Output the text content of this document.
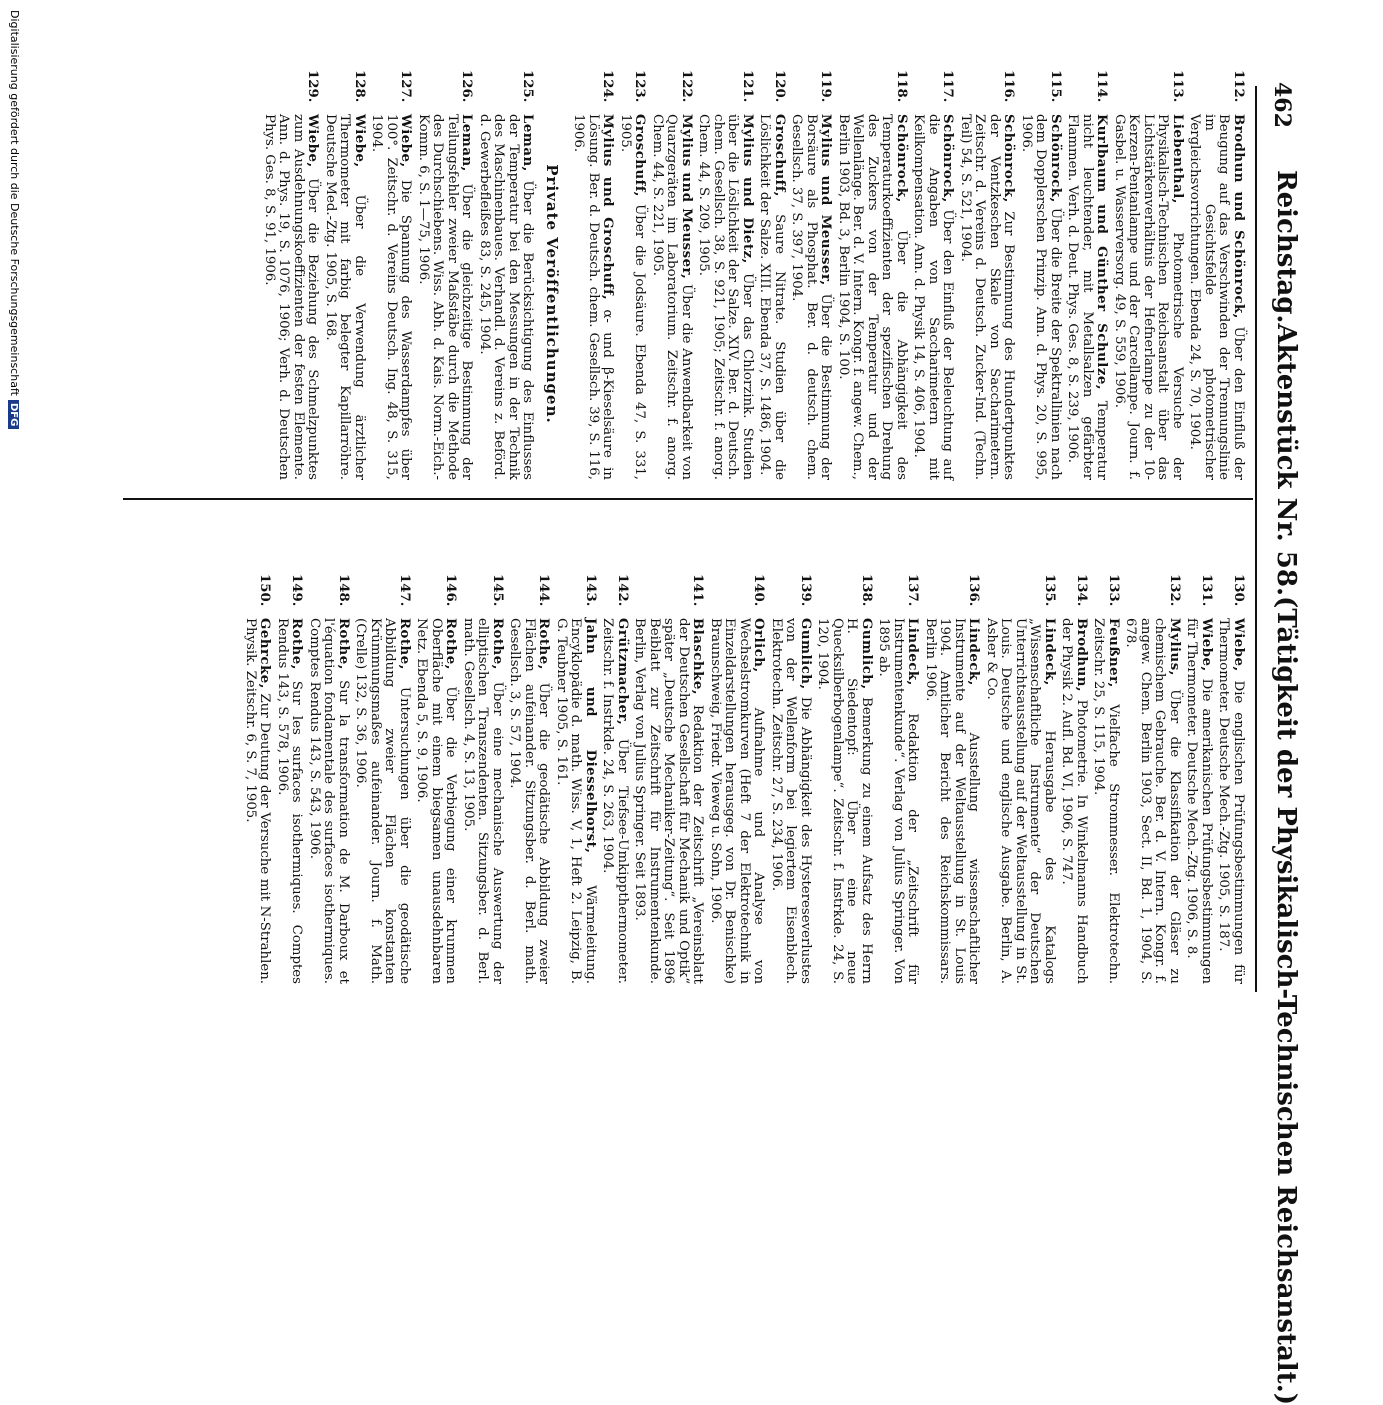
462
Reichstag.
Aktenstück Nr. 58.
(Tätigkeit der Physikalisch-Technischen Reichsanstalt.)
112.
Brodhun und Schönrock, Über den Einfluß der Beugung auf das Verschwinden der Trennungslinie im Gesichtsfelde photometrischer Vergleichsvorrichtungen. Ebenda 24, S. 70, 1904.
113.
Liebenthal, Photometrische Versuche der Physikalisch-Technischen Reichsanstalt über das Lichtstärkenverhältnis der Hefnerlampe zu der 10-Kerzen-Pentanlampe und der Carcellampe. Journ. f. Gasbel. u. Wasserversorg. 49, S. 559, 1906.
114.
Kurlbaum und Günther Schulze, Temperatur nicht leuchtender, mit Metallsalzen gefärbter Flammen. Verh. d. Deut. Phys. Ges. 8, S. 239, 1906.
115.
Schönrock, Über die Breite der Spektrallinien nach dem Dopplerschen Prinzip. Ann. d. Phys. 20, S. 995, 1906.
116.
Schönrock, Zur Bestimmung des Hundertpunktes der Ventzkeschen Skale von Saccharimetern. Zeitschr. d. Vereins d. Deutsch. Zucker-Ind. (Techn. Teil) 54, S. 521, 1904.
117.
Schönrock, Über den Einfluß der Beleuchtung auf die Angaben von Saccharimetern mit Keilkompensation. Ann. d. Physik 14, S. 406, 1904.
118.
Schönrock, Über die Abhängigkeit des Temperaturkoeffizienten der spezifischen Drehung des Zuckers von der Temperatur und der Wellenlänge. Ber. d. V. Intern. Kongr. f. angew. Chem., Berlin 1903, Bd. 3, Berlin 1904, S. 100.
119.
Mylius und Meusser, Über die Bestimmung der Borsäure als Phosphat. Ber. d. deutsch. chem. Gesellsch. 37, S. 397, 1904.
120.
Groschuff, Saure Nitrate. Studien über die Löslichkeit der Salze. XIII. Ebenda 37, S. 1486, 1904.
121.
Mylius und Dietz, Über das Chlorzink. Studien über die Löslichkeit der Salze. XIV. Ber. d. Deutsch. chem. Gesellsch. 38, S. 921, 1905; Zeitschr. f. anorg. Chem. 44, S. 209, 1905.
122.
Mylius und Meusser, Über die Anwendbarkeit von Quarzgeräten im Laboratorium. Zeitschr. f. anorg. Chem. 44, S. 221, 1905.
123.
Groschuff, Über die Jodsäure. Ebenda 47, S. 331, 1905.
124.
Mylius und Groschuff, α- und β-Kieselsäure in Lösung. Ber. d. Deutsch. chem. Gesellsch. 39, S. 116, 1906.
Private Veröffentlichungen.
125.
Leman, Über die Berücksichtigung des Einflusses der Temperatur bei den Messungen in der Technik des Maschinenbaues. Verhandl. d. Vereins z. Beförd. d. Gewerbefleißes 83, S. 245, 1904.
126.
Leman, Über die gleichzeitige Bestimmung der Teilungsfehler zweier Maßstäbe durch die Methode des Durchschiebens. Wiss. Abh. d. Kais. Norm.-Eich.-Komm. 6, S. 1—75, 1906.
127.
Wiebe, Die Spannung des Wasserdampfes über 100°. Zeitschr. d. Vereins Deutsch. Ing. 48, S. 315, 1904.
128.
Wiebe, Über die Verwendung ärztlicher Thermometer mit farbig belegter Kapillarröhre. Deutsche Med.-Ztg. 1905, S. 168.
129.
Wiebe, Über die Beziehung des Schmelzpunktes zum Ausdehnungskoeffizienten der festen Elemente. Ann. d. Phys. 19, S. 1076, 1906; Verh. d. Deutschen Phys. Ges. 8, S. 91, 1906.
130.
Wiebe, Die englischen Prüfungsbestimmungen für Thermometer. Deutsche Mech.-Ztg. 1905, S. 187.
131.
Wiebe, Die amerikanischen Prüfungsbestimmungen für Thermometer. Deutsche Mech.-Ztg. 1906, S. 8.
132.
Mylius, Über die Klassifikation der Gläser zu chemischem Gebrauche. Ber. d. V. Intern. Kongr. f. angew. Chem. Berlin 1903, Sect. II, Bd. 1, 1904, S. 678.
133.
Feußner, Vielfache Strommesser. Elektrotechn. Zeitschr. 25, S. 115, 1904.
134.
Brodhun, Photometrie. In Winkelmanns Handbuch der Physik 2. Aufl. Bd. VI, 1906, S. 747.
135.
Lindeck, Herausgabe des Katalogs „Wissenschaftliche Instrumente“ der Deutschen Unterrichtsausstellung auf der Weltausstellung in St. Louis. Deutsche und englische Ausgabe. Berlin, A. Asher & Co.
136.
Lindeck, Ausstellung wissenschaftlicher Instrumente auf der Weltausstellung in St. Louis 1904. Amtlicher Bericht des Reichskommissars. Berlin 1906.
137.
Lindeck, Redaktion der „Zeitschrift für Instrumentenkunde“. Verlag von Julius Springer. Von 1895 ab.
138.
Gumlich, Bemerkung zu einem Aufsatz des Herrn H. Siedentopf: Über eine neue Quecksilberbogenlampe“. Zeitschr. f. Instrkde. 24, S. 120, 1904.
139.
Gumlich, Die Abhängigkeit des Hystereseverlustes von der Wellenform bei legiertem Eisenblech. Elektrotechn. Zeitschr. 27, S. 234, 1906.
140.
Orlich, Aufnahme und Analyse von Wechselstromkurven (Heft 7 der Elektrotechnik in Einzeldarstellungen herausgeg. von Dr. Benischke) Braunschweig, Friedr. Vieweg u. Sohn, 1906.
141.
Blaschke, Redaktion der Zeitschrift „Vereinsblatt der Deutschen Gesellschaft für Mechanik und Optik“ später „Deutsche Mechaniker-Zeitung“. Seit 1896 Beiblatt zur Zeitschrift für Instrumentenkunde. Berlin, Verlag von Julius Springer. Seit 1893.
142.
Grützmacher, Über Tiefsee-Umkippthermometer. Zeitschr. f. Instrkde. 24, S. 263, 1904.
143.
Jahn und Diesselhorst, Wärmeleitung. Encyklopädie d. math. Wiss. V, 1, Heft 2. Leipzig, B. G. Teubner 1905, S. 161.
144.
Rothe, Über die geodätische Abbildung zweier Flächen aufeinander. Sitzungsber. d. Berl. math. Gesellsch. 3, S. 57, 1904.
145.
Rothe, Über eine mechanische Auswertung der elliptischen Transzendenten. Sitzungsber. d. Berl. math. Gesellsch. 4, S. 13, 1905.
146.
Rothe, Über die Verbiegung einer krummen Oberfläche mit einem biegsamen unausdehnbaren Netz. Ebenda 5, S. 9, 1906.
147.
Rothe, Untersuchungen über die geodätische Abbildung zweier Flächen konstanten Krümmungsmaßes aufeinander. Journ. f. Math. (Crelle) 132, S. 36, 1906.
148.
Rothe, Sur la transformation de M. Darboux et l'équation fondamentale des surfaces isothermiques. Comptes Rendus 143, S. 543, 1906.
149.
Rothe, Sur les surfaces isothermiques. Comptes Rendus 143, S. 578, 1906.
150.
Gehrcke, Zur Deutung der Versuche mit N-Strahlen. Physik. Zeitschr. 6, S. 7, 1905.
Digitalisierung gefördert durch die Deutsche ForschungsgemeinschaftDFG
